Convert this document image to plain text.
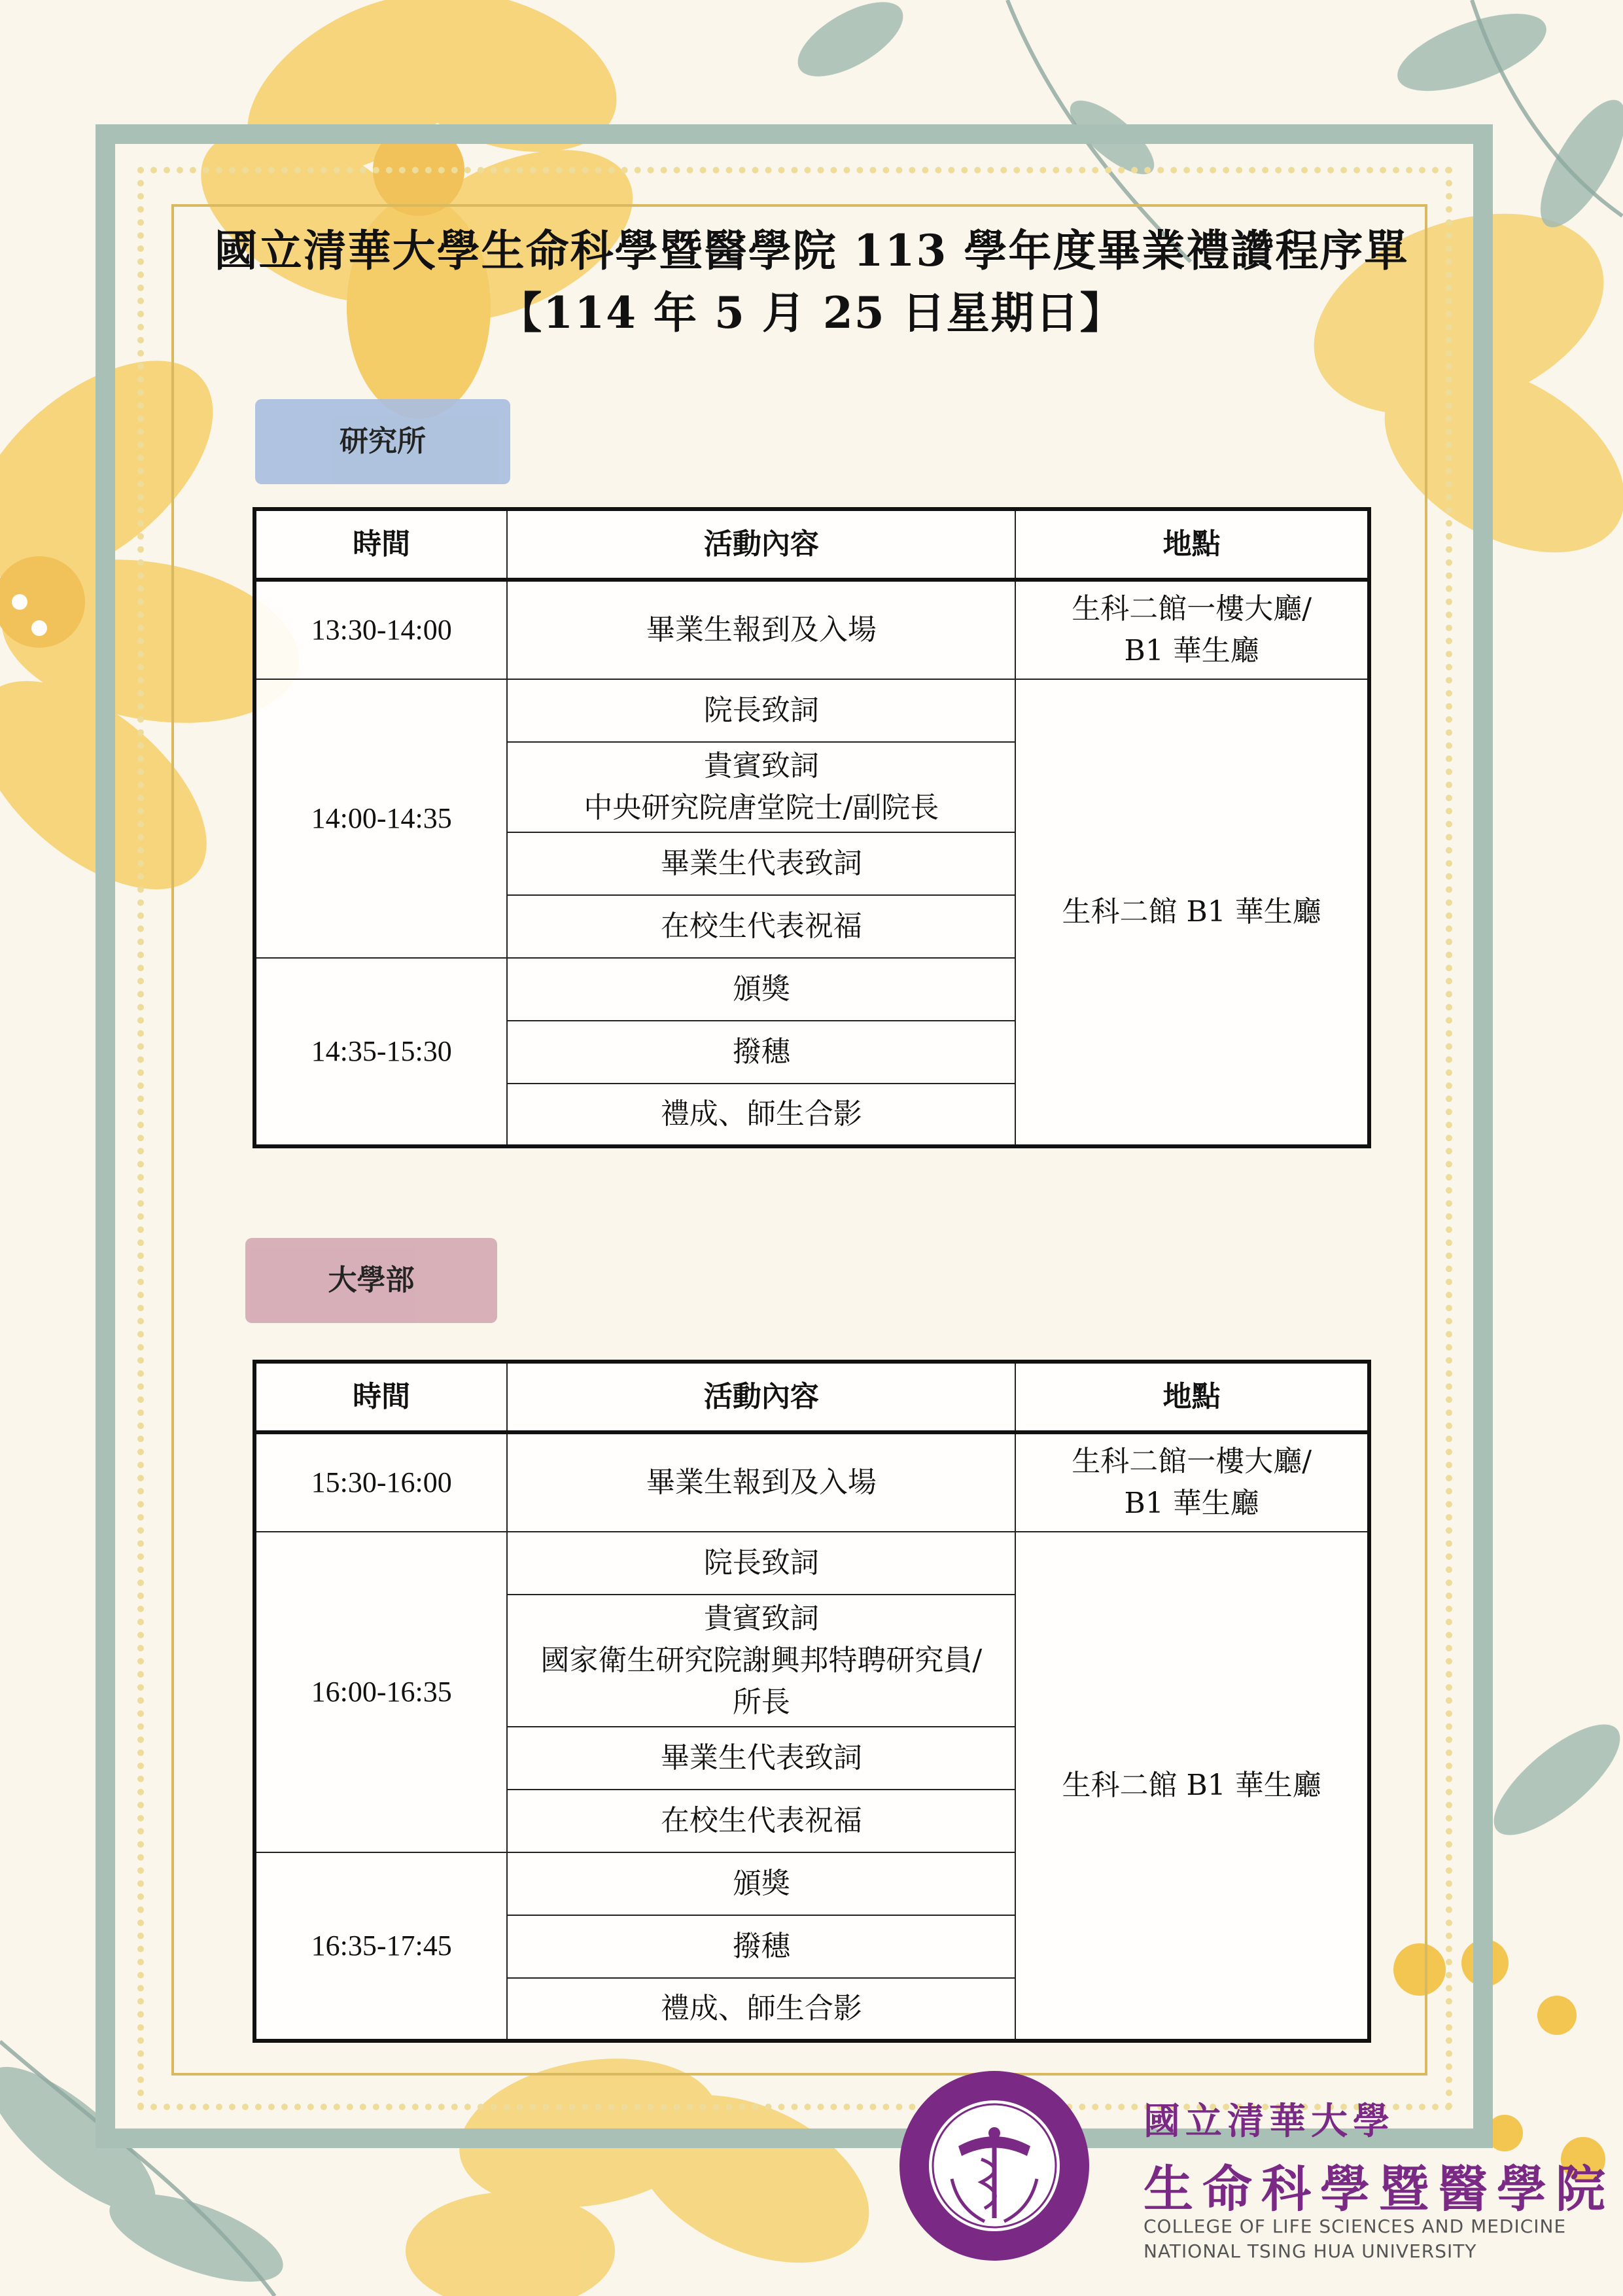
國立清華大學生命科學暨醫學院 113 學年度畢業禮讚程序單
【114 年 5 月 25 日星期日】
研究所
時間	活動內容	地點
13:30-14:00	畢業生報到及入場	生科二館一樓大廳/
B1 華生廳

14:00-14:35	院長致詞	生科二館 B1 華生廳

	貴賓致詞
中央研究院唐堂院士/副院長	

	畢業生代表致詞	
	在校生代表祝福	
14:35-15:30	頒獎	
	撥穗	
	禮成、師生合影	
大學部
時間	活動內容	地點
15:30-16:00	畢業生報到及入場	生科二館一樓大廳/
B1 華生廳

16:00-16:35	院長致詞	生科二館 B1 華生廳

	貴賓致詞
國家衛生研究院謝興邦特聘研究員/
所長	

	畢業生代表致詞	
	在校生代表祝福	
16:35-17:45	頒獎	
	撥穗	
	禮成、師生合影	
國立清華大學
生命科學暨醫學院
COLLEGE OF LIFE SCIENCES AND MEDICINE
NATIONAL TSING HUA UNIVERSITY
